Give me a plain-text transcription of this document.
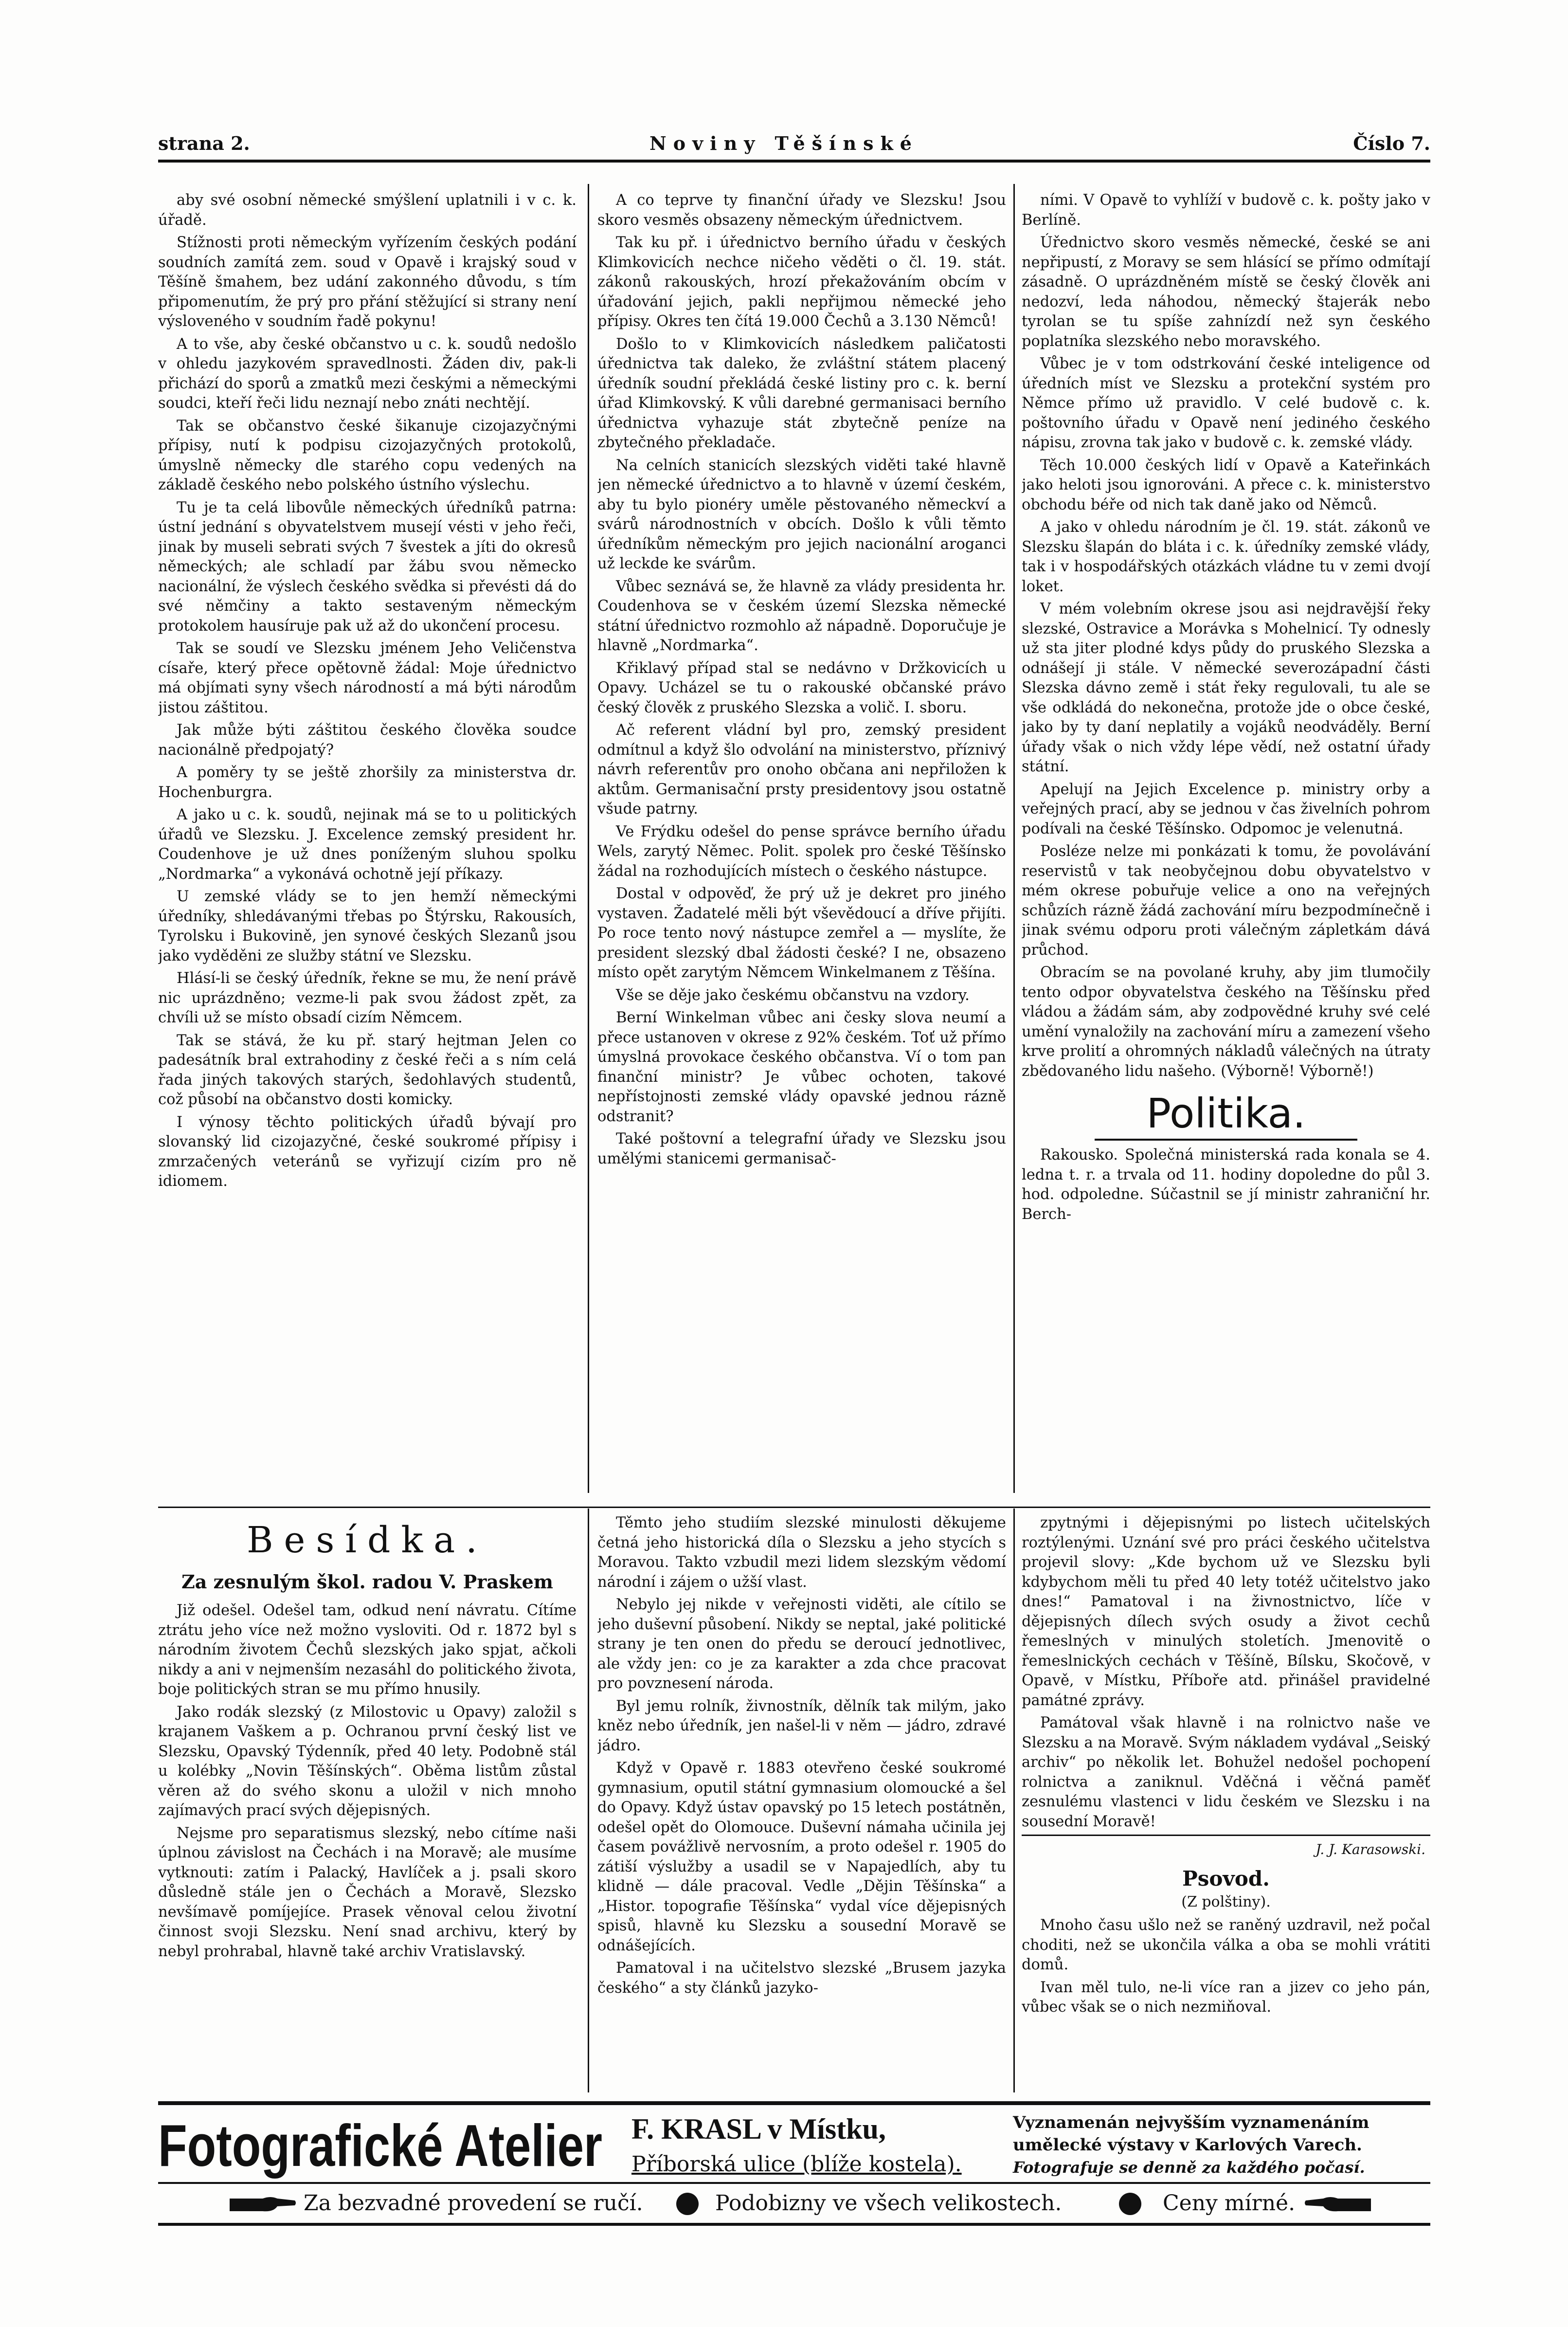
strana 2.	Noviny Těšínské	Číslo 7.

aby své osobní německé smýšlení uplatnili i v c. k. úřadě.

Stížnosti proti německým vyřízením českých podání soudních zamítá zem. soud v Opavě i krajský soud v Těšíně šmahem, bez udání zakonného důvodu, s tím připomenutím, že prý pro přání stěžující si strany není výsloveného v soudním řadě pokynu!

A to vše, aby české občanstvo u c. k. soudů nedošlo v ohledu jazykovém spravedlnosti. Žáden div, pak-li přichází do sporů a zmatků mezi českými a německými soudci, kteří řeči lidu neznají nebo znáti nechtějí.

Tak se občanstvo české šikanuje cizojazyčnými přípisy, nutí k podpisu cizojazyčných protokolů, úmyslně německy dle starého copu vedených na základě českého nebo polského ústního výslechu.

Tu je ta celá libovůle německých úředníků patrna: ústní jednání s obyvatelstvem musejí vésti v jeho řeči, jinak by museli sebrati svých 7 švestek a jíti do okresů německých; ale schladí par žábu svou německo nacionální, že výslech českého svědka si převésti dá do své němčiny a takto sestaveným německým protokolem hausíruje pak už až do ukončení procesu.

Tak se soudí ve Slezsku jménem Jeho Veličenstva císaře, který přece opětovně žádal: Moje úřednictvo má objímati syny všech národností a má býti národům jistou záštitou.

Jak může býti záštitou českého člověka soudce nacionálně předpojatý?

A poměry ty se ještě zhoršily za ministerstva dr. Hochenburgra.

A jako u c. k. soudů, nejinak má se to u politických úřadů ve Slezsku. J. Excelence zemský president hr. Coudenhove je už dnes poníženým sluhou spolku „Nordmarka“ a vykonává ochotně její příkazy.

U zemské vlády se to jen hemží německými úředníky, shledávanými třebas po Štýrsku, Rakousích, Tyrolsku i Bukovině, jen synové českých Slezanů jsou jako vyděděni ze služby státní ve Slezsku.

Hlásí-li se český úředník, řekne se mu, že není právě nic uprázdněno; vezme-li pak svou žádost zpět, za chvíli už se místo obsadí cizím Němcem.

Tak se stává, že ku př. starý hejtman Jelen co padesátník bral extrahodiny z české řeči a s ním celá řada jiných takových starých, šedohlavých studentů, což působí na občanstvo dosti komicky.

I výnosy těchto politických úřadů bývají pro slovanský lid cizojazyčné, české soukromé přípisy i zmrzačených veteránů se vyřizují cizím pro ně idiomem.

A co teprve ty finanční úřady ve Slezsku! Jsou skoro vesměs obsazeny německým úřednictvem.

Tak ku př. i úřednictvo berního úřadu v českých Klimkovicích nechce ničeho věděti o čl. 19. stát. zákonů rakouských, hrozí překažováním obcím v úřadování jejich, pakli nepřijmou německé jeho přípisy. Okres ten čítá 19.000 Čechů a 3.130 Němců!

Došlo to v Klimkovicích následkem paličatosti úřednictva tak daleko, že zvláštní státem placený úředník soudní překládá české listiny pro c. k. berní úřad Klimkovský. K vůli darebné germanisaci berního úřednictva vyhazuje stát zbytečně peníze na zbytečného překladače.

Na celních stanicích slezských viděti také hlavně jen německé úřednictvo a to hlavně v území českém, aby tu bylo pionéry uměle pěstovaného německví a svárů národnostních v obcích. Došlo k vůli těmto úředníkům německým pro jejich nacionální aroganci už leckde ke svárům.

Vůbec seznává se, že hlavně za vlády presidenta hr. Coudenhova se v českém území Slezska německé státní úřednictvo rozmohlo až nápadně. Doporučuje je hlavně „Nordmarka“.

Křiklavý případ stal se nedávno v Držkovicích u Opavy. Ucházel se tu o rakouské občanské právo český člověk z pruského Slezska a volič. I. sboru.

Ač referent vládní byl pro, zemský president odmítnul a když šlo odvolání na ministerstvo, příznivý návrh referentův pro onoho občana ani nepřiložen k aktům. Germanisační prsty presidentovy jsou ostatně všude patrny.

Ve Frýdku odešel do pense správce berního úřadu Wels, zarytý Němec. Polit. spolek pro české Těšínsko žádal na rozhodujících místech o českého nástupce.

Dostal v odpověď, že prý už je dekret pro jiného vystaven. Žadatelé měli být vševědoucí a dříve přijíti. Po roce tento nový nástupce zemřel a — myslíte, že president slezský dbal žádosti české? I ne, obsazeno místo opět zarytým Němcem Winkelmanem z Těšína.

Vše se děje jako českému občanstvu na vzdory.

Berní Winkelman vůbec ani česky slova neumí a přece ustanoven v okrese z 92% českém. Toť už přímo úmyslná provokace českého občanstva. Ví o tom pan finanční ministr? Je vůbec ochoten, takové nepřístojnosti zemské vlády opavské jednou rázně odstranit?

Také poštovní a telegrafní úřady ve Slezsku jsou umělými stanicemi germanisač-

ními. V Opavě to vyhlíží v budově c. k. pošty jako v Berlíně.

Úřednictvo skoro vesměs německé, české se ani nepřipustí, z Moravy se sem hlásící se přímo odmítají zásadně. O uprázdněném místě se český člověk ani nedozví, leda náhodou, německý štajerák nebo tyrolan se tu spíše zahnízdí než syn českého poplatníka slezského nebo moravského.

Vůbec je v tom odstrkování české inteligence od úředních míst ve Slezsku a protekční systém pro Němce přímo už pravidlo. V celé budově c. k. poštovního úřadu v Opavě není jediného českého nápisu, zrovna tak jako v budově c. k. zemské vlády.

Těch 10.000 českých lidí v Opavě a Kateřinkách jako heloti jsou ignorováni. A přece c. k. ministerstvo obchodu béře od nich tak daně jako od Němců.

A jako v ohledu národním je čl. 19. stát. zákonů ve Slezsku šlapán do bláta i c. k. úředníky zemské vlády, tak i v hospodářských otázkách vládne tu v zemi dvojí loket.

V mém volebním okrese jsou asi nejdravější řeky slezské, Ostravice a Morávka s Mohelnicí. Ty odnesly už sta jiter plodné kdys půdy do pruského Slezska a odnášejí ji stále. V německé severozápadní části Slezska dávno země i stát řeky regulovali, tu ale se vše odkládá do nekonečna, protože jde o obce české, jako by ty daní neplatily a vojáků neodváděly. Berní úřady však o nich vždy lépe vědí, než ostatní úřady státní.

Apelují na Jejich Excelence p. ministry orby a veřejných prací, aby se jednou v čas živelních pohrom podívali na české Těšínsko. Odpomoc je velenutná.

Posléze nelze mi ponkázati k tomu, že povolávání reservistů v tak neobyčejnou dobu obyvatelstvo v mém okrese pobuřuje velice a ono na veřejných schůzích rázně žádá zachování míru bezpodmínečně i jinak svému odporu proti válečným zápletkám dává průchod.

Obracím se na povolané kruhy, aby jim tlumočily tento odpor obyvatelstva českého na Těšínsku před vládou a žádám sám, aby zodpovědné kruhy své celé umění vynaložily na zachování míru a zamezení všeho krve prolití a ohromných nákladů válečných na útraty zbědovaného lidu našeho. (Výborně! Výborně!)

Politika.

Rakousko. Společná ministerská rada konala se 4. ledna t. r. a trvala od 11. hodiny dopoledne do půl 3. hod. odpoledne. Súčastnil se jí ministr zahraniční hr. Berch-

Besídka.
Za zesnulým škol. radou V. Praskem

Již odešel. Odešel tam, odkud není návratu. Cítíme ztrátu jeho více než možno vysloviti. Od r. 1872 byl s národním životem Čechů slezských jako spjat, ačkoli nikdy a ani v nejmenším nezasáhl do politického života, boje politických stran se mu přímo hnusily.

Jako rodák slezský (z Milostovic u Opavy) založil s krajanem Vaškem a p. Ochranou první český list ve Slezsku, Opavský Týdenník, před 40 lety. Podobně stál u kolébky „Novin Těšínských“. Oběma listům zůstal věren až do svého skonu a uložil v nich mnoho zajímavých prací svých dějepisných.

Nejsme pro separatismus slezský, nebo cítíme naši úplnou závislost na Čechách i na Moravě; ale musíme vytknouti: zatím i Palacký, Havlíček a j. psali skoro důsledně stále jen o Čechách a Moravě, Slezsko nevšímavě pomíjejíce. Prasek věnoval celou životní činnost svoji Slezsku. Není snad archivu, který by nebyl prohrabal, hlavně také archiv Vratislavský.

Těmto jeho studiím slezské minulosti děkujeme četná jeho historická díla o Slezsku a jeho stycích s Moravou. Takto vzbudil mezi lidem slezským vědomí národní i zájem o užší vlast.

Nebylo jej nikde v veřejnosti viděti, ale cítilo se jeho duševní působení. Nikdy se neptal, jaké politické strany je ten onen do předu se deroucí jednotlivec, ale vždy jen: co je za karakter a zda chce pracovat pro povznesení národa.

Byl jemu rolník, živnostník, dělník tak milým, jako kněz nebo úředník, jen našel-li v něm — jádro, zdravé jádro.

Když v Opavě r. 1883 otevřeno české soukromé gymnasium, oputil státní gymnasium olomoucké a šel do Opavy. Když ústav opavský po 15 letech postátněn, odešel opět do Olomouce. Duševní námaha učinila jej časem povážlivě nervosním, a proto odešel r. 1905 do zátiší výslužby a usadil se v Napajedlích, aby tu klidně — dále pracoval. Vedle „Dějin Těšínska“ a „Histor. topografie Těšínska“ vydal více dějepisných spisů, hlavně ku Slezsku a sousední Moravě se odnášejících.

Pamatoval i na učitelstvo slezské „Brusem jazyka českého“ a sty článků jazyko-

zpytnými i dějepisnými po listech učitelských roztýlenými. Uznání své pro práci českého učitelstva projevil slovy: „Kde bychom už ve Slezsku byli kdybychom měli tu před 40 lety totéž učitelstvo jako dnes!“ Pamatoval i na živnostnictvo, líče v dějepisných dílech svých osudy a život cechů řemeslných v minulých stoletích. Jmenovitě o řemeslnických cechách v Těšíně, Bílsku, Skočově, v Opavě, v Místku, Příboře atd. přinášel pravidelné památné zprávy.

Památoval však hlavně i na rolnictvo naše ve Slezsku a na Moravě. Svým nákladem vydával „Seiský archiv“ po několik let. Bohužel nedošel pochopení rolnictva a zaniknul. Vděčná i věčná paměť zesnulému vlastenci v lidu českém ve Slezsku i na sousední Moravě!

J. J. Karasowski.
Psovod.
(Z polštiny).

Mnoho času ušlo než se raněný uzdravil, než počal choditi, než se ukončila válka a oba se mohli vrátiti domů.

Ivan měl tulo, ne-li více ran a jizev co jeho pán, vůbec však se o nich nezmiňoval.

Fotografické Atelier F. KRASL v Místku,
Příborská ulice (blíže kostela).
Vyznamenán nejvyšším vyznamenáním
umělecké výstavy v Karlových Varech.
Fotografuje se denně za každého počasí.
Za bezvadné provedení se ručí.	Podobizny ve všech velikostech.	Ceny mírné.
